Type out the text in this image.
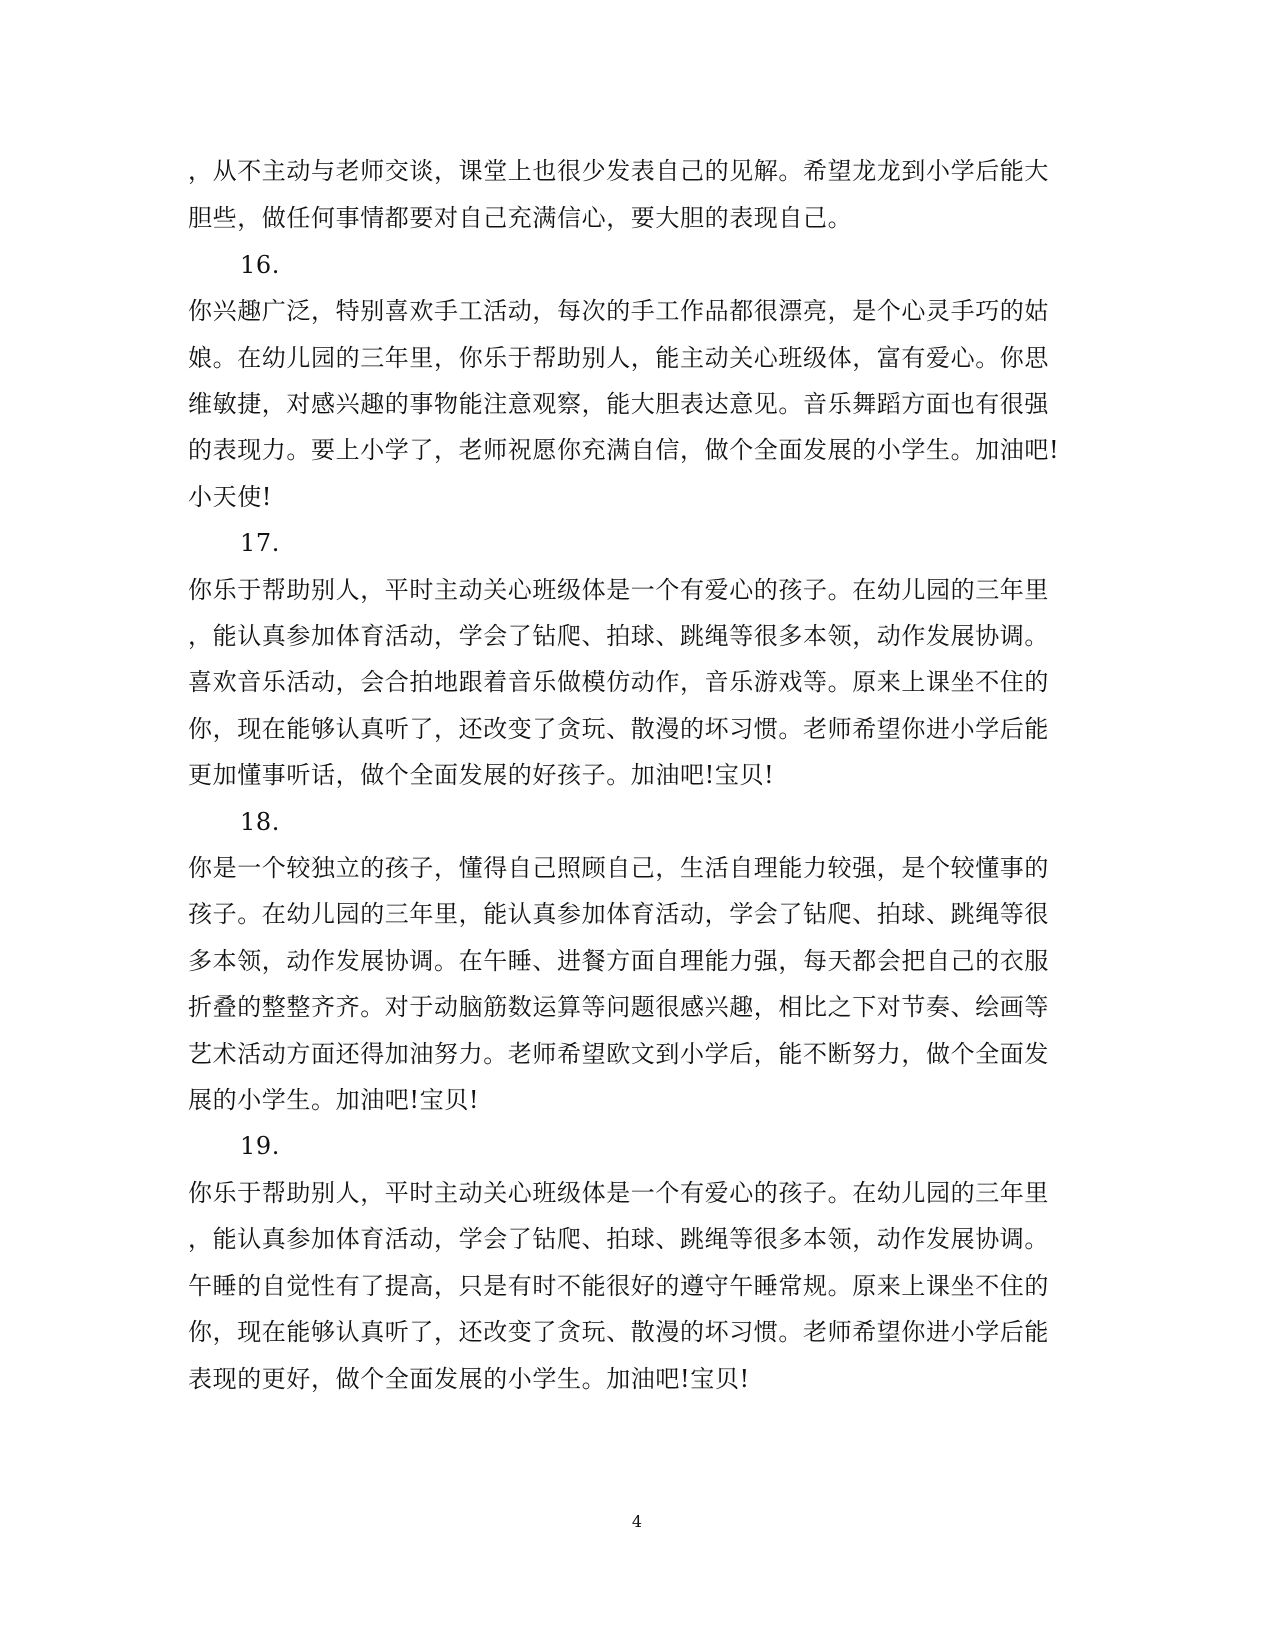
，从不主动与老师交谈，课堂上也很少发表自己的见解。希望龙龙到小学后能大
胆些，做任何事情都要对自己充满信心，要大胆的表现自己。
16.
你兴趣广泛，特别喜欢手工活动，每次的手工作品都很漂亮，是个心灵手巧的姑
娘。在幼儿园的三年里，你乐于帮助别人，能主动关心班级体，富有爱心。你思
维敏捷，对感兴趣的事物能注意观察，能大胆表达意见。音乐舞蹈方面也有很强
的表现力。要上小学了，老师祝愿你充满自信，做个全面发展的小学生。加油吧!
小天使!
17.
你乐于帮助别人，平时主动关心班级体是一个有爱心的孩子。在幼儿园的三年里
，能认真参加体育活动，学会了钻爬、拍球、跳绳等很多本领，动作发展协调。
喜欢音乐活动，会合拍地跟着音乐做模仿动作，音乐游戏等。原来上课坐不住的
你，现在能够认真听了，还改变了贪玩、散漫的坏习惯。老师希望你进小学后能
更加懂事听话，做个全面发展的好孩子。加油吧!宝贝!
18.
你是一个较独立的孩子，懂得自己照顾自己，生活自理能力较强，是个较懂事的
孩子。在幼儿园的三年里，能认真参加体育活动，学会了钻爬、拍球、跳绳等很
多本领，动作发展协调。在午睡、进餐方面自理能力强，每天都会把自己的衣服
折叠的整整齐齐。对于动脑筋数运算等问题很感兴趣，相比之下对节奏、绘画等
艺术活动方面还得加油努力。老师希望欧文到小学后，能不断努力，做个全面发
展的小学生。加油吧!宝贝!
19.
你乐于帮助别人，平时主动关心班级体是一个有爱心的孩子。在幼儿园的三年里
，能认真参加体育活动，学会了钻爬、拍球、跳绳等很多本领，动作发展协调。
午睡的自觉性有了提高，只是有时不能很好的遵守午睡常规。原来上课坐不住的
你，现在能够认真听了，还改变了贪玩、散漫的坏习惯。老师希望你进小学后能
表现的更好，做个全面发展的小学生。加油吧!宝贝!
4
